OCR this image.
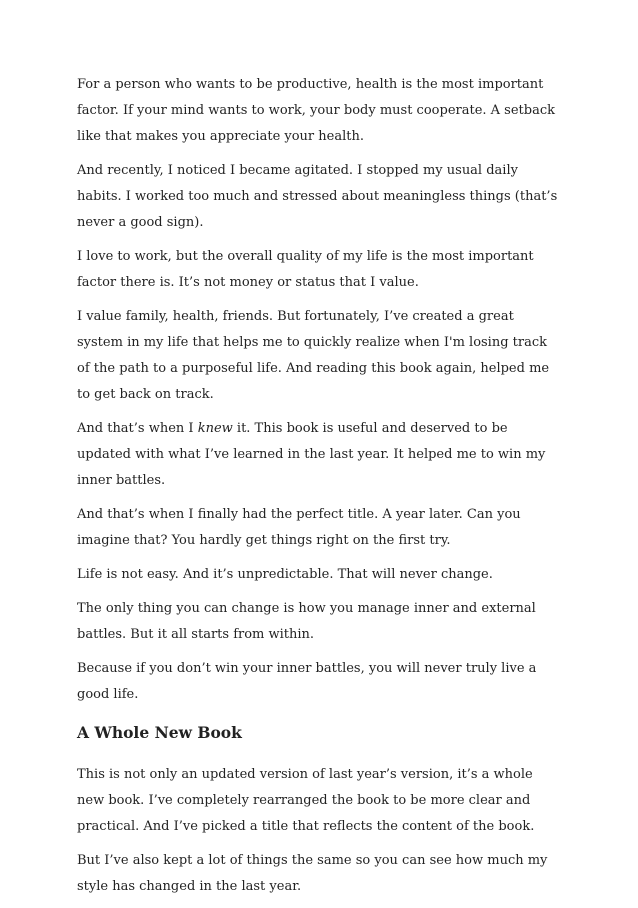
For a person who wants to be productive, health is the most important factor. If your mind wants to work, your body must cooperate. A setback like that makes you appreciate your health.

And recently, I noticed I became agitated. I stopped my usual daily habits. I worked too much and stressed about meaningless things (that’s never a good sign).

I love to work, but the overall quality of my life is the most important factor there is. It’s not money or status that I value.

I value family, health, friends. But fortunately, I’ve created a great system in my life that helps me to quickly realize when I'm losing track of the path to a purposeful life. And reading this book again, helped me to get back on track.

And that’s when I knew it. This book is useful and deserved to be updated with what I’ve learned in the last year. It helped me to win my inner battles.

And that’s when I finally had the perfect title. A year later. Can you imagine that? You hardly get things right on the first try.

Life is not easy. And it’s unpredictable. That will never change.

The only thing you can change is how you manage inner and external battles. But it all starts from within.

Because if you don’t win your inner battles, you will never truly live a good life.

A Whole New Book

This is not only an updated version of last year’s version, it’s a whole new book. I’ve completely rearranged the book to be more clear and practical. And I’ve picked a title that reflects the content of the book.

But I’ve also kept a lot of things the same so you can see how much my style has changed in the last year.
